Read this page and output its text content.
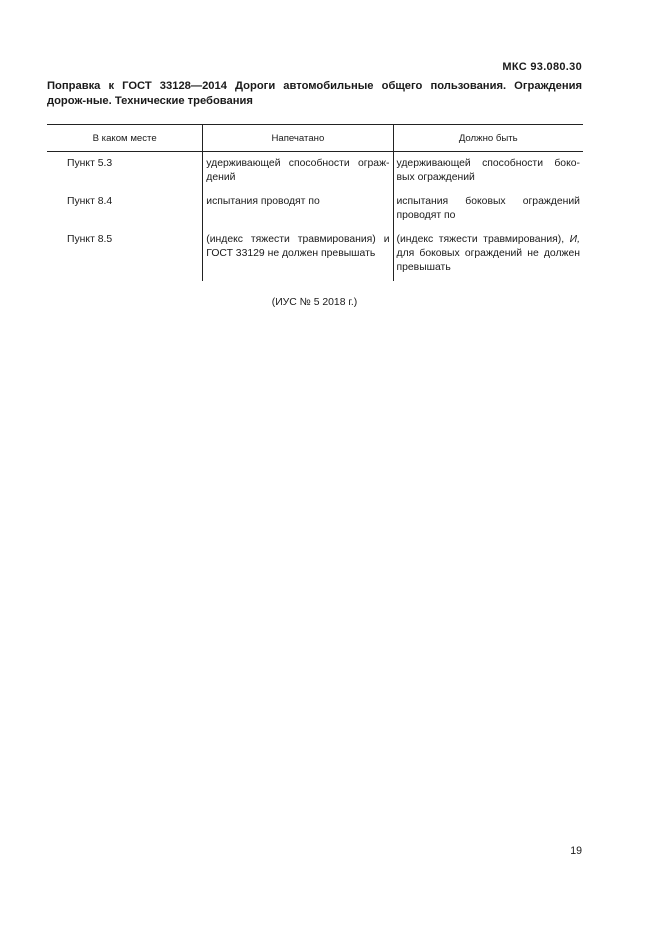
МКС 93.080.30
Поправка к ГОСТ 33128—2014 Дороги автомобильные общего пользования. Ограждения дорож-ные. Технические требования
В каком месте	Напечатано	Должно быть
Пункт 5.3	удерживающей способности ограж-дений	удерживающей способности боко-вых ограждений
Пункт 8.4	испытания проводят по	испытания боковых ограждений проводят по
Пункт 8.5	(индекс тяжести травмирования) и ГОСТ 33129 не должен превышать	(индекс тяжести травмирования), И, для боковых ограждений не должен превышать
(ИУС № 5 2018 г.)
19
